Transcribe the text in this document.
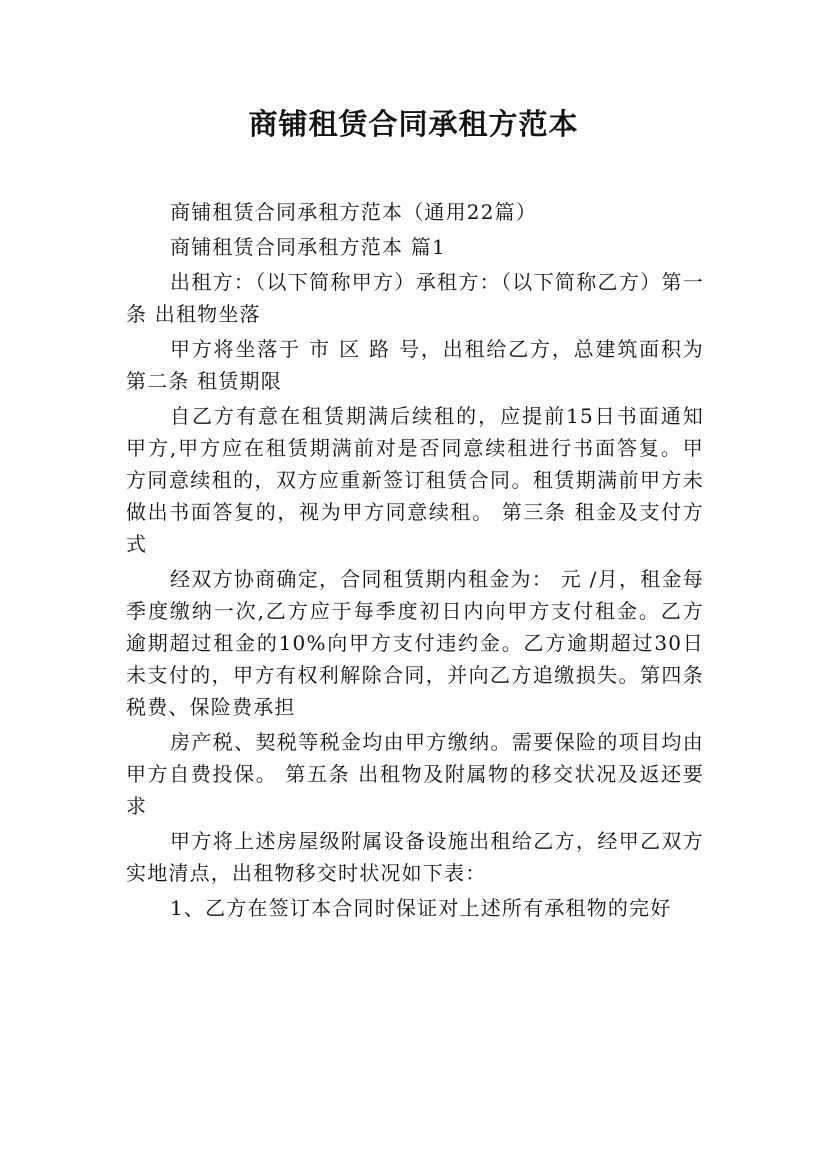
商铺租赁合同承租方范本

商铺租赁合同承租方范本（通用22篇）

商铺租赁合同承租方范本 篇1

出租方：（以下简称甲方）承租方：（以下简称乙方）第一条 出租物坐落

甲方将坐落于 市 区 路 号，出租给乙方，总建筑面积为 第二条 租赁期限

自乙方有意在租赁期满后续租的，应提前15日书面通知甲方,甲方应在租赁期满前对是否同意续租进行书面答复。甲方同意续租的，双方应重新签订租赁合同。租赁期满前甲方未做出书面答复的，视为甲方同意续租。 第三条 租金及支付方式

经双方协商确定，合同租赁期内租金为： 元 /月，租金每季度缴纳一次,乙方应于每季度初日内向甲方支付租金。乙方逾期超过租金的10%向甲方支付违约金。乙方逾期超过30日未支付的，甲方有权利解除合同，并向乙方追缴损失。第四条 税费、保险费承担

房产税、契税等税金均由甲方缴纳。需要保险的项目均由甲方自费投保。 第五条 出租物及附属物的移交状况及返还要求

甲方将上述房屋级附属设备设施出租给乙方，经甲乙双方实地清点，出租物移交时状况如下表：

1、乙方在签订本合同时保证对上述所有承租物的完好
